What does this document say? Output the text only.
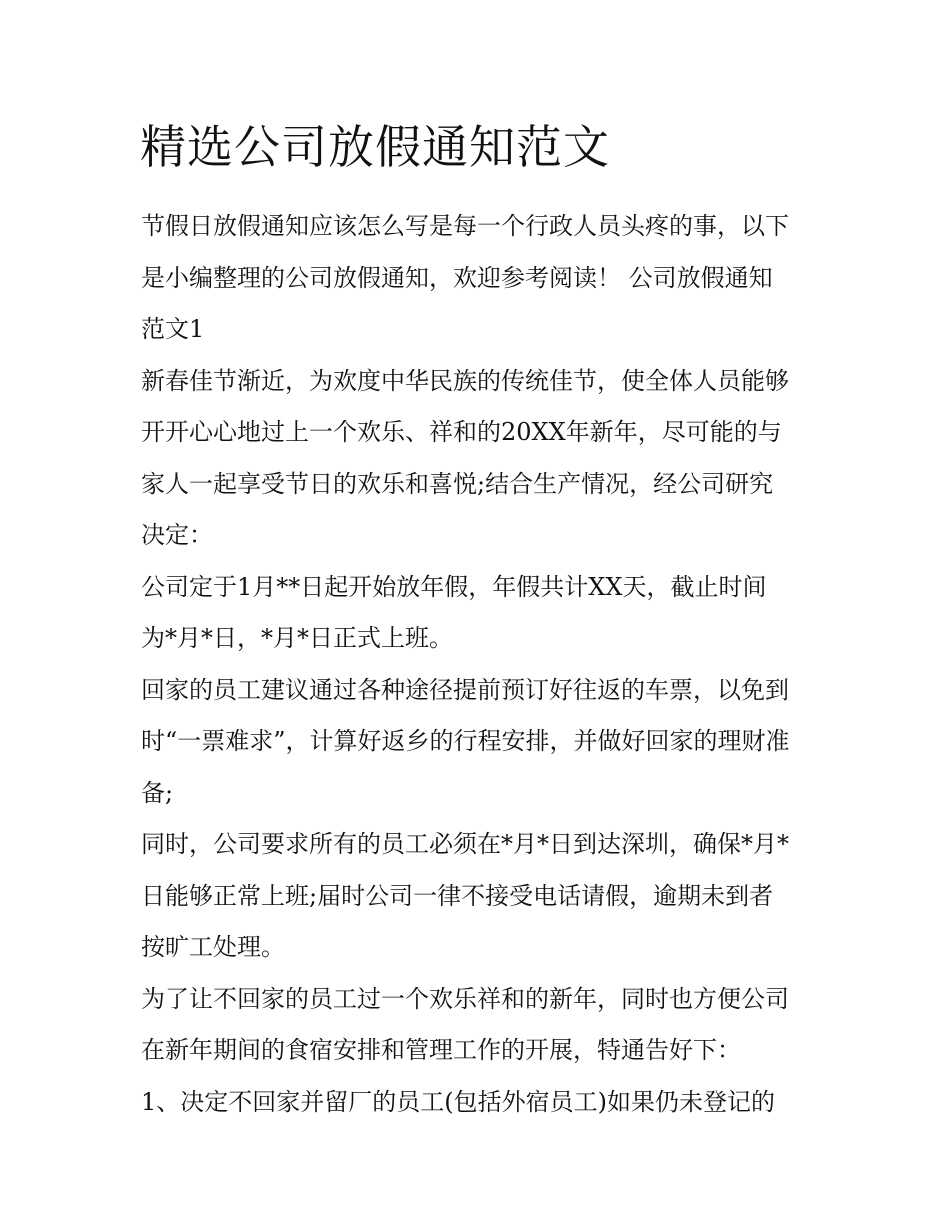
精选公司放假通知范文
节假日放假通知应该怎么写是每一个行政人员头疼的事，以下
是小编整理的公司放假通知，欢迎参考阅读！ 公司放假通知
范文1
新春佳节渐近，为欢度中华民族的传统佳节，使全体人员能够
开开心心地过上一个欢乐、祥和的20XX年新年，尽可能的与
家人一起享受节日的欢乐和喜悦;结合生产情况，经公司研究
决定：
公司定于1月**日起开始放年假，年假共计XX天，截止时间
为*月*日，*月*日正式上班。
回家的员工建议通过各种途径提前预订好往返的车票，以免到
时“一票难求”，计算好返乡的行程安排，并做好回家的理财准
备;
同时，公司要求所有的员工必须在*月*日到达深圳，确保*月*
日能够正常上班;届时公司一律不接受电话请假，逾期未到者
按旷工处理。
为了让不回家的员工过一个欢乐祥和的新年，同时也方便公司
在新年期间的食宿安排和管理工作的开展，特通告好下：
1、决定不回家并留厂的员工(包括外宿员工)如果仍未登记的
